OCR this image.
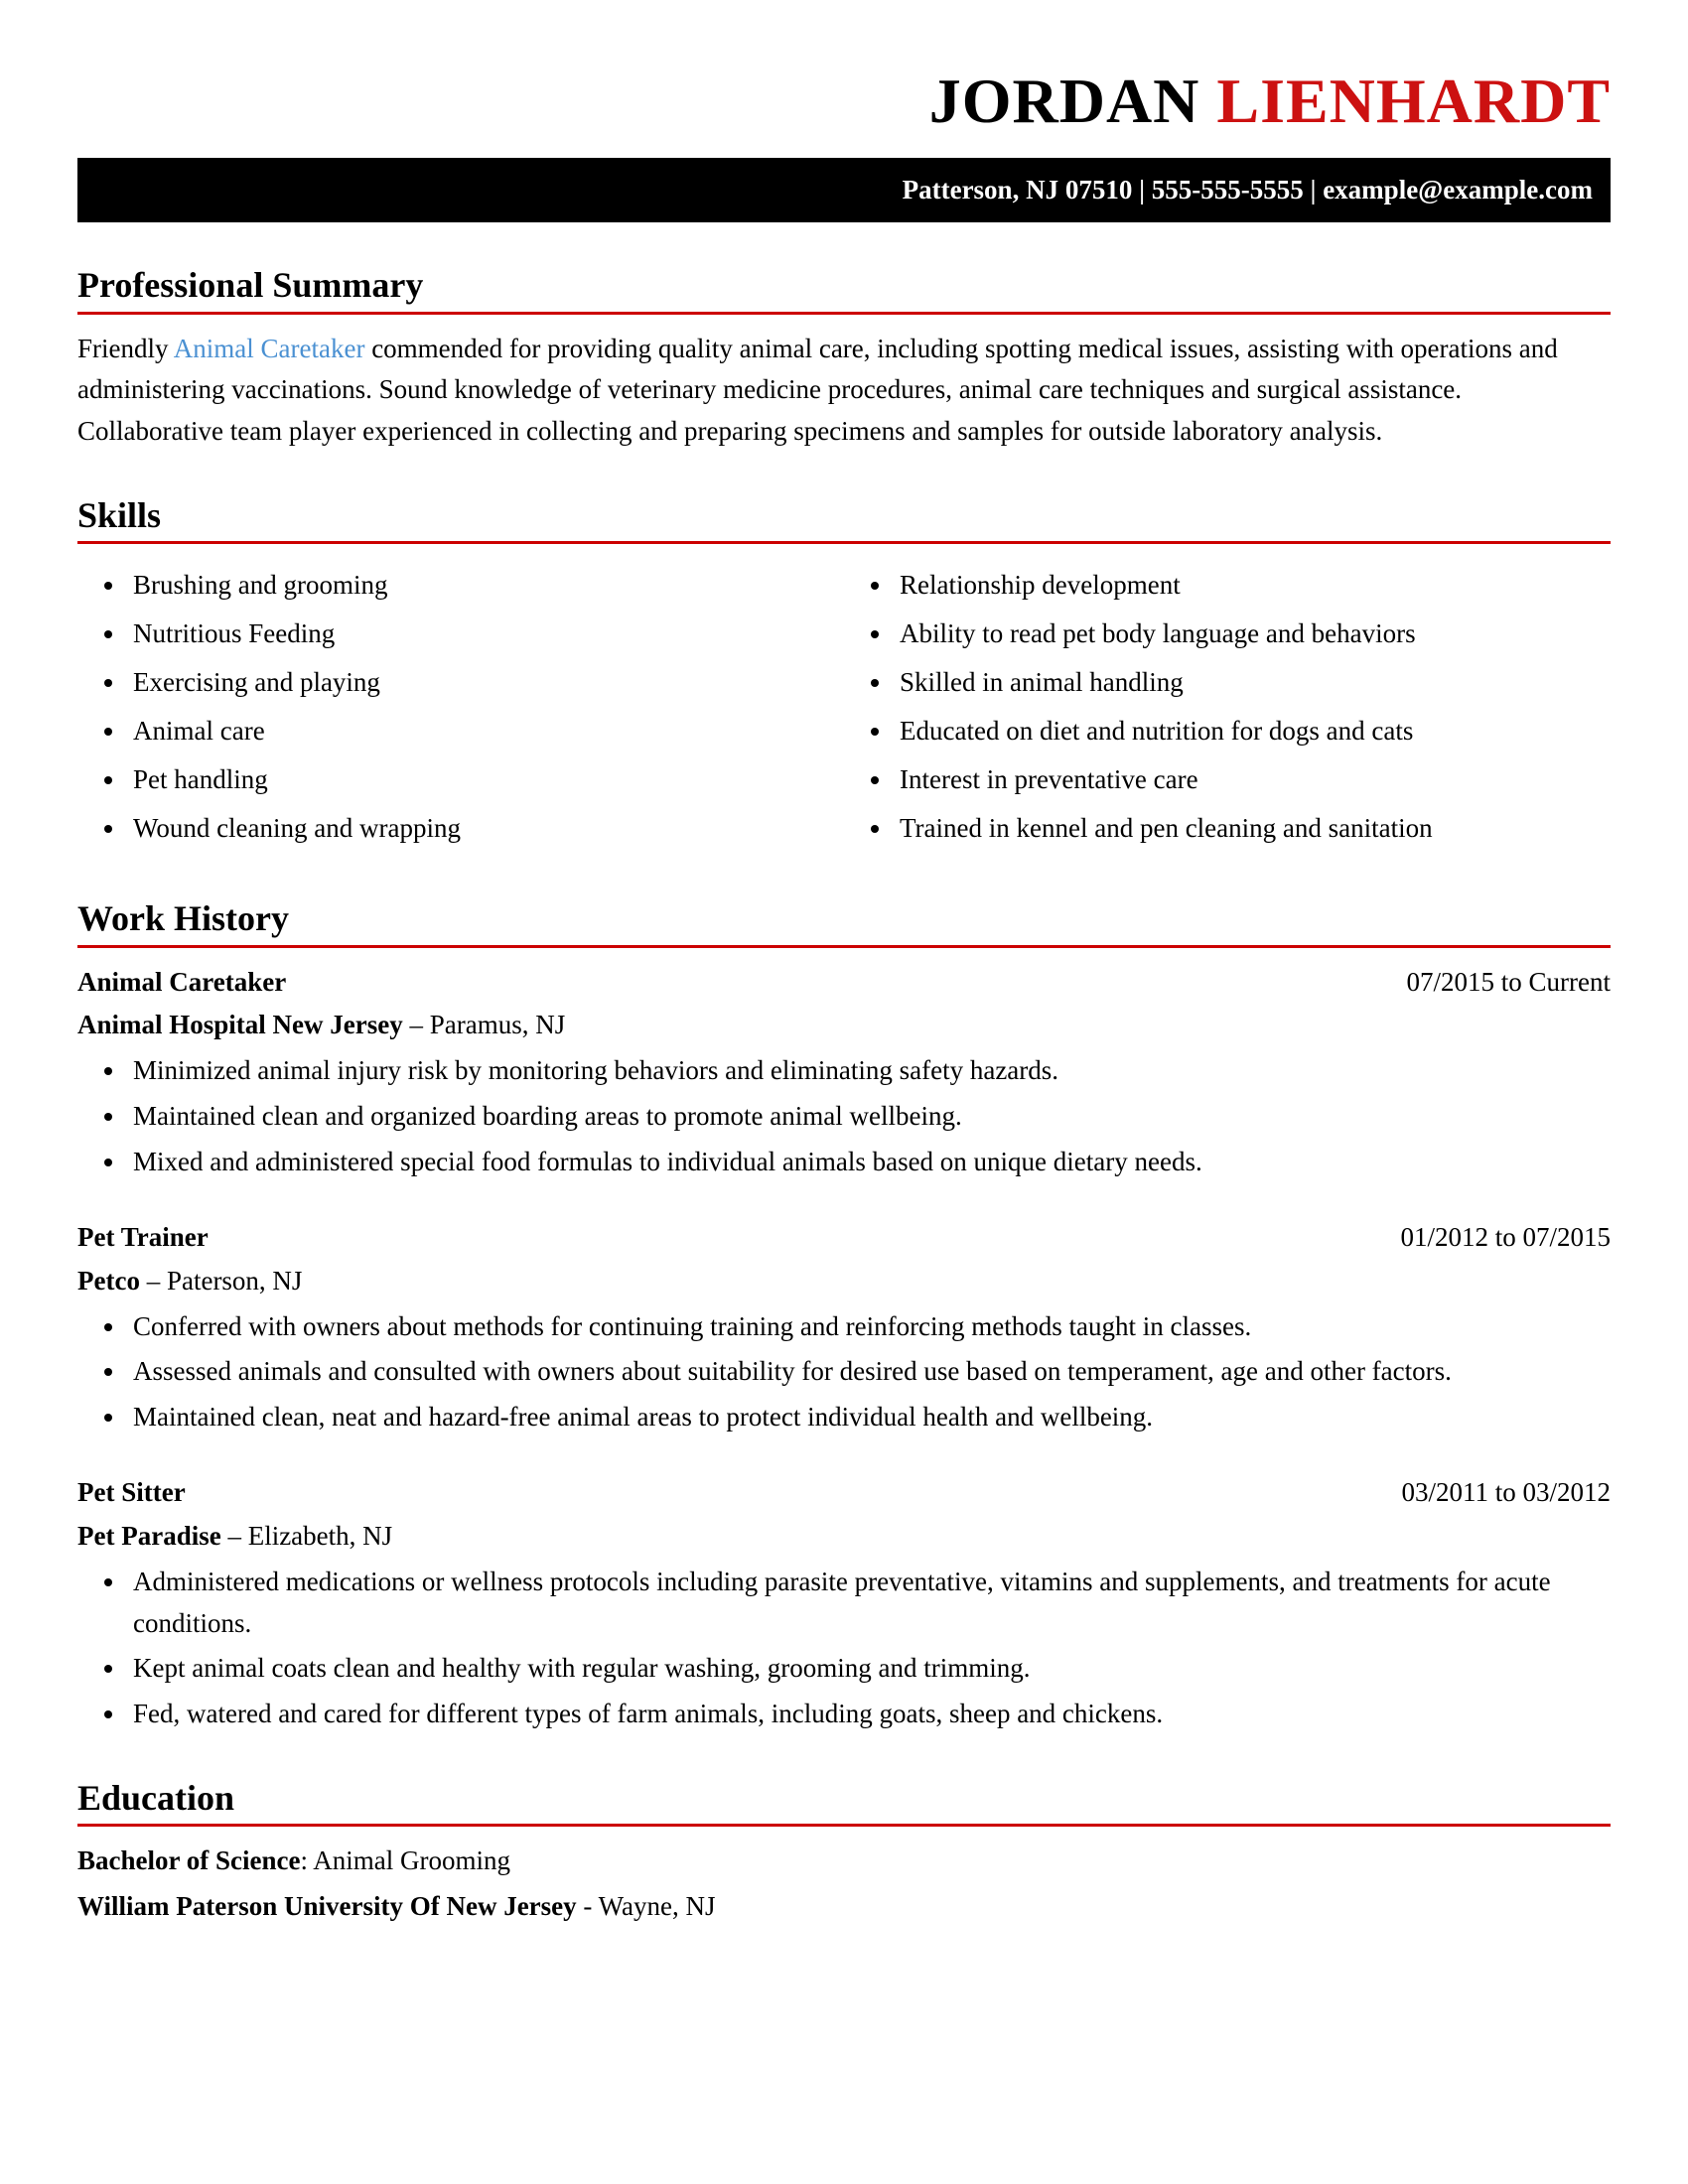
JORDAN LIENHARDT
Patterson, NJ 07510 | 555-555-5555 | example@example.com
Professional Summary

Friendly Animal Caretaker commended for providing quality animal care, including spotting medical issues, assisting with operations and administering vaccinations. Sound knowledge of veterinary medicine procedures, animal care techniques and surgical assistance. Collaborative team player experienced in collecting and preparing specimens and samples for outside laboratory analysis.

Skills
• Brushing and grooming
• Nutritious Feeding
• Exercising and playing
• Animal care
• Pet handling
• Wound cleaning and wrapping
• Relationship development
• Ability to read pet body language and behaviors
• Skilled in animal handling
• Educated on diet and nutrition for dogs and cats
• Interest in preventative care
• Trained in kennel and pen cleaning and sanitation
Work History
Animal Caretaker	07/2015 to Current
Animal Hospital New Jersey – Paramus, NJ
• Minimized animal injury risk by monitoring behaviors and eliminating safety hazards.
• Maintained clean and organized boarding areas to promote animal wellbeing.
• Mixed and administered special food formulas to individual animals based on unique dietary needs.
Pet Trainer	01/2012 to 07/2015
Petco – Paterson, NJ
• Conferred with owners about methods for continuing training and reinforcing methods taught in classes.
• Assessed animals and consulted with owners about suitability for desired use based on temperament, age and other factors.
• Maintained clean, neat and hazard-free animal areas to protect individual health and wellbeing.
Pet Sitter	03/2011 to 03/2012
Pet Paradise – Elizabeth, NJ
• Administered medications or wellness protocols including parasite preventative, vitamins and supplements, and treatments for acute conditions.
• Kept animal coats clean and healthy with regular washing, grooming and trimming.
• Fed, watered and cared for different types of farm animals, including goats, sheep and chickens.
Education
Bachelor of Science: Animal Grooming
William Paterson University Of New Jersey - Wayne, NJ
